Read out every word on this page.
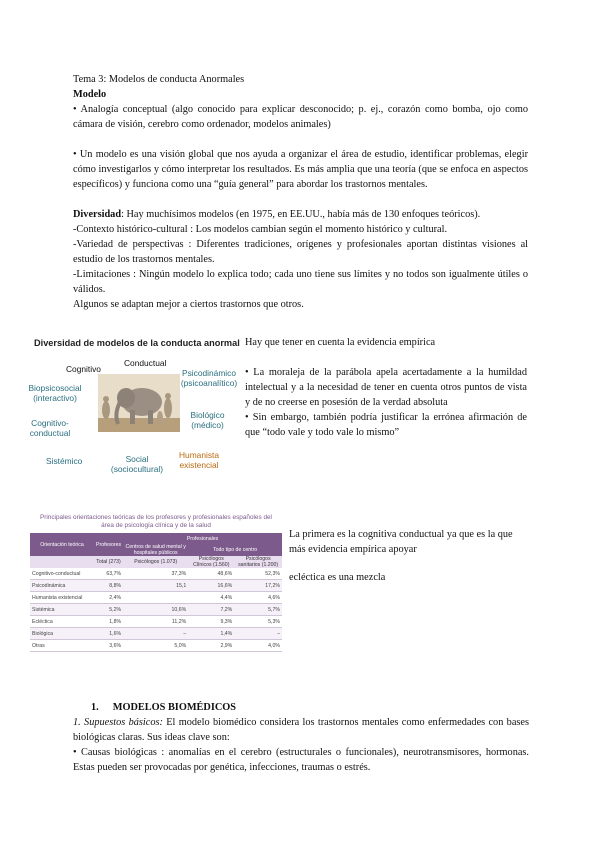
Tema 3: Modelos de conducta Anormales
Modelo
• Analogía conceptual (algo conocido para explicar desconocido; p. ej., corazón como bomba, ojo como cámara de visión, cerebro como ordenador, modelos animales)
• Un modelo es una visión global que nos ayuda a organizar el área de estudio, identificar problemas, elegir cómo investigarlos y cómo interpretar los resultados. Es más amplia que una teoría (que se enfoca en aspectos específicos) y funciona como una “guía general” para abordar los trastornos mentales.
Diversidad: Hay muchísimos modelos (en 1975, en EE.UU., había más de 130 enfoques teóricos).
-Contexto histórico-cultural : Los modelos cambian según el momento histórico y cultural.
-Variedad de perspectivas : Diferentes tradiciones, orígenes y profesionales aportan distintas visiones al estudio de los trastornos mentales.
-Limitaciones : Ningún modelo lo explica todo; cada uno tiene sus límites y no todos son igualmente útiles o válidos.
Algunos se adaptan mejor a ciertos trastornos que otros.
Diversidad de modelos de la conducta anormal
Conductual
Cognitivo	Psicodinámico (psicoanalítico)
Biopsicosocial (interactivo)
Biológico (médico)
Cognitivo-conductual
Sistémico	Social (sociocultural)
Humanista existencial
Hay que tener en cuenta la evidencia empírica
• La moraleja de la parábola apela acertadamente a la humildad intelectual y a la necesidad de tener en cuenta otros puntos de vista y de no creerse en posesión de la verdad absoluta
• Sin embargo, también podría justificar la errónea afirmación de que “todo vale y todo vale lo mismo”
Principales orientaciones teóricas de los profesores y profesionales españoles del área de psicología clínica y de la salud
Orientación teórica	Profesores	Profesionales		
		Centros de salud mental y hospitales públicos	Todo tipo de centro	
	Total (273)	Psicólogos (1.073)	Psicólogos Clínicos (1.560)	Psicólogos sanitarios (1.200)
Cognitivo-conductual	63,7%	37,3%	48,6%	52,3%
Psicodinámica	8,8%	15,1	16,6%	17,2%
Humanista existencial	2,4%		4,4%	4,6%
Sistémica	5,2%	10,6%	7,2%	5,7%
Ecléctica	1,8%	11,2%	9,3%	5,3%
Biológica	1,6%	–	1,4%	–
Otras	3,6%	5,0%	2,9%	4,0%
La primera es la cognitiva conductual ya que es la que más evidencia empírica apoyar
ecléctica es una mezcla
1. MODELOS BIOMÉDICOS
1. Supuestos básicos: El modelo biomédico considera los trastornos mentales como enfermedades con bases biológicas claras. Sus ideas clave son:
• Causas biológicas : anomalías en el cerebro (estructurales o funcionales), neurotransmisores, hormonas. Estas pueden ser provocadas por genética, infecciones, traumas o estrés.
